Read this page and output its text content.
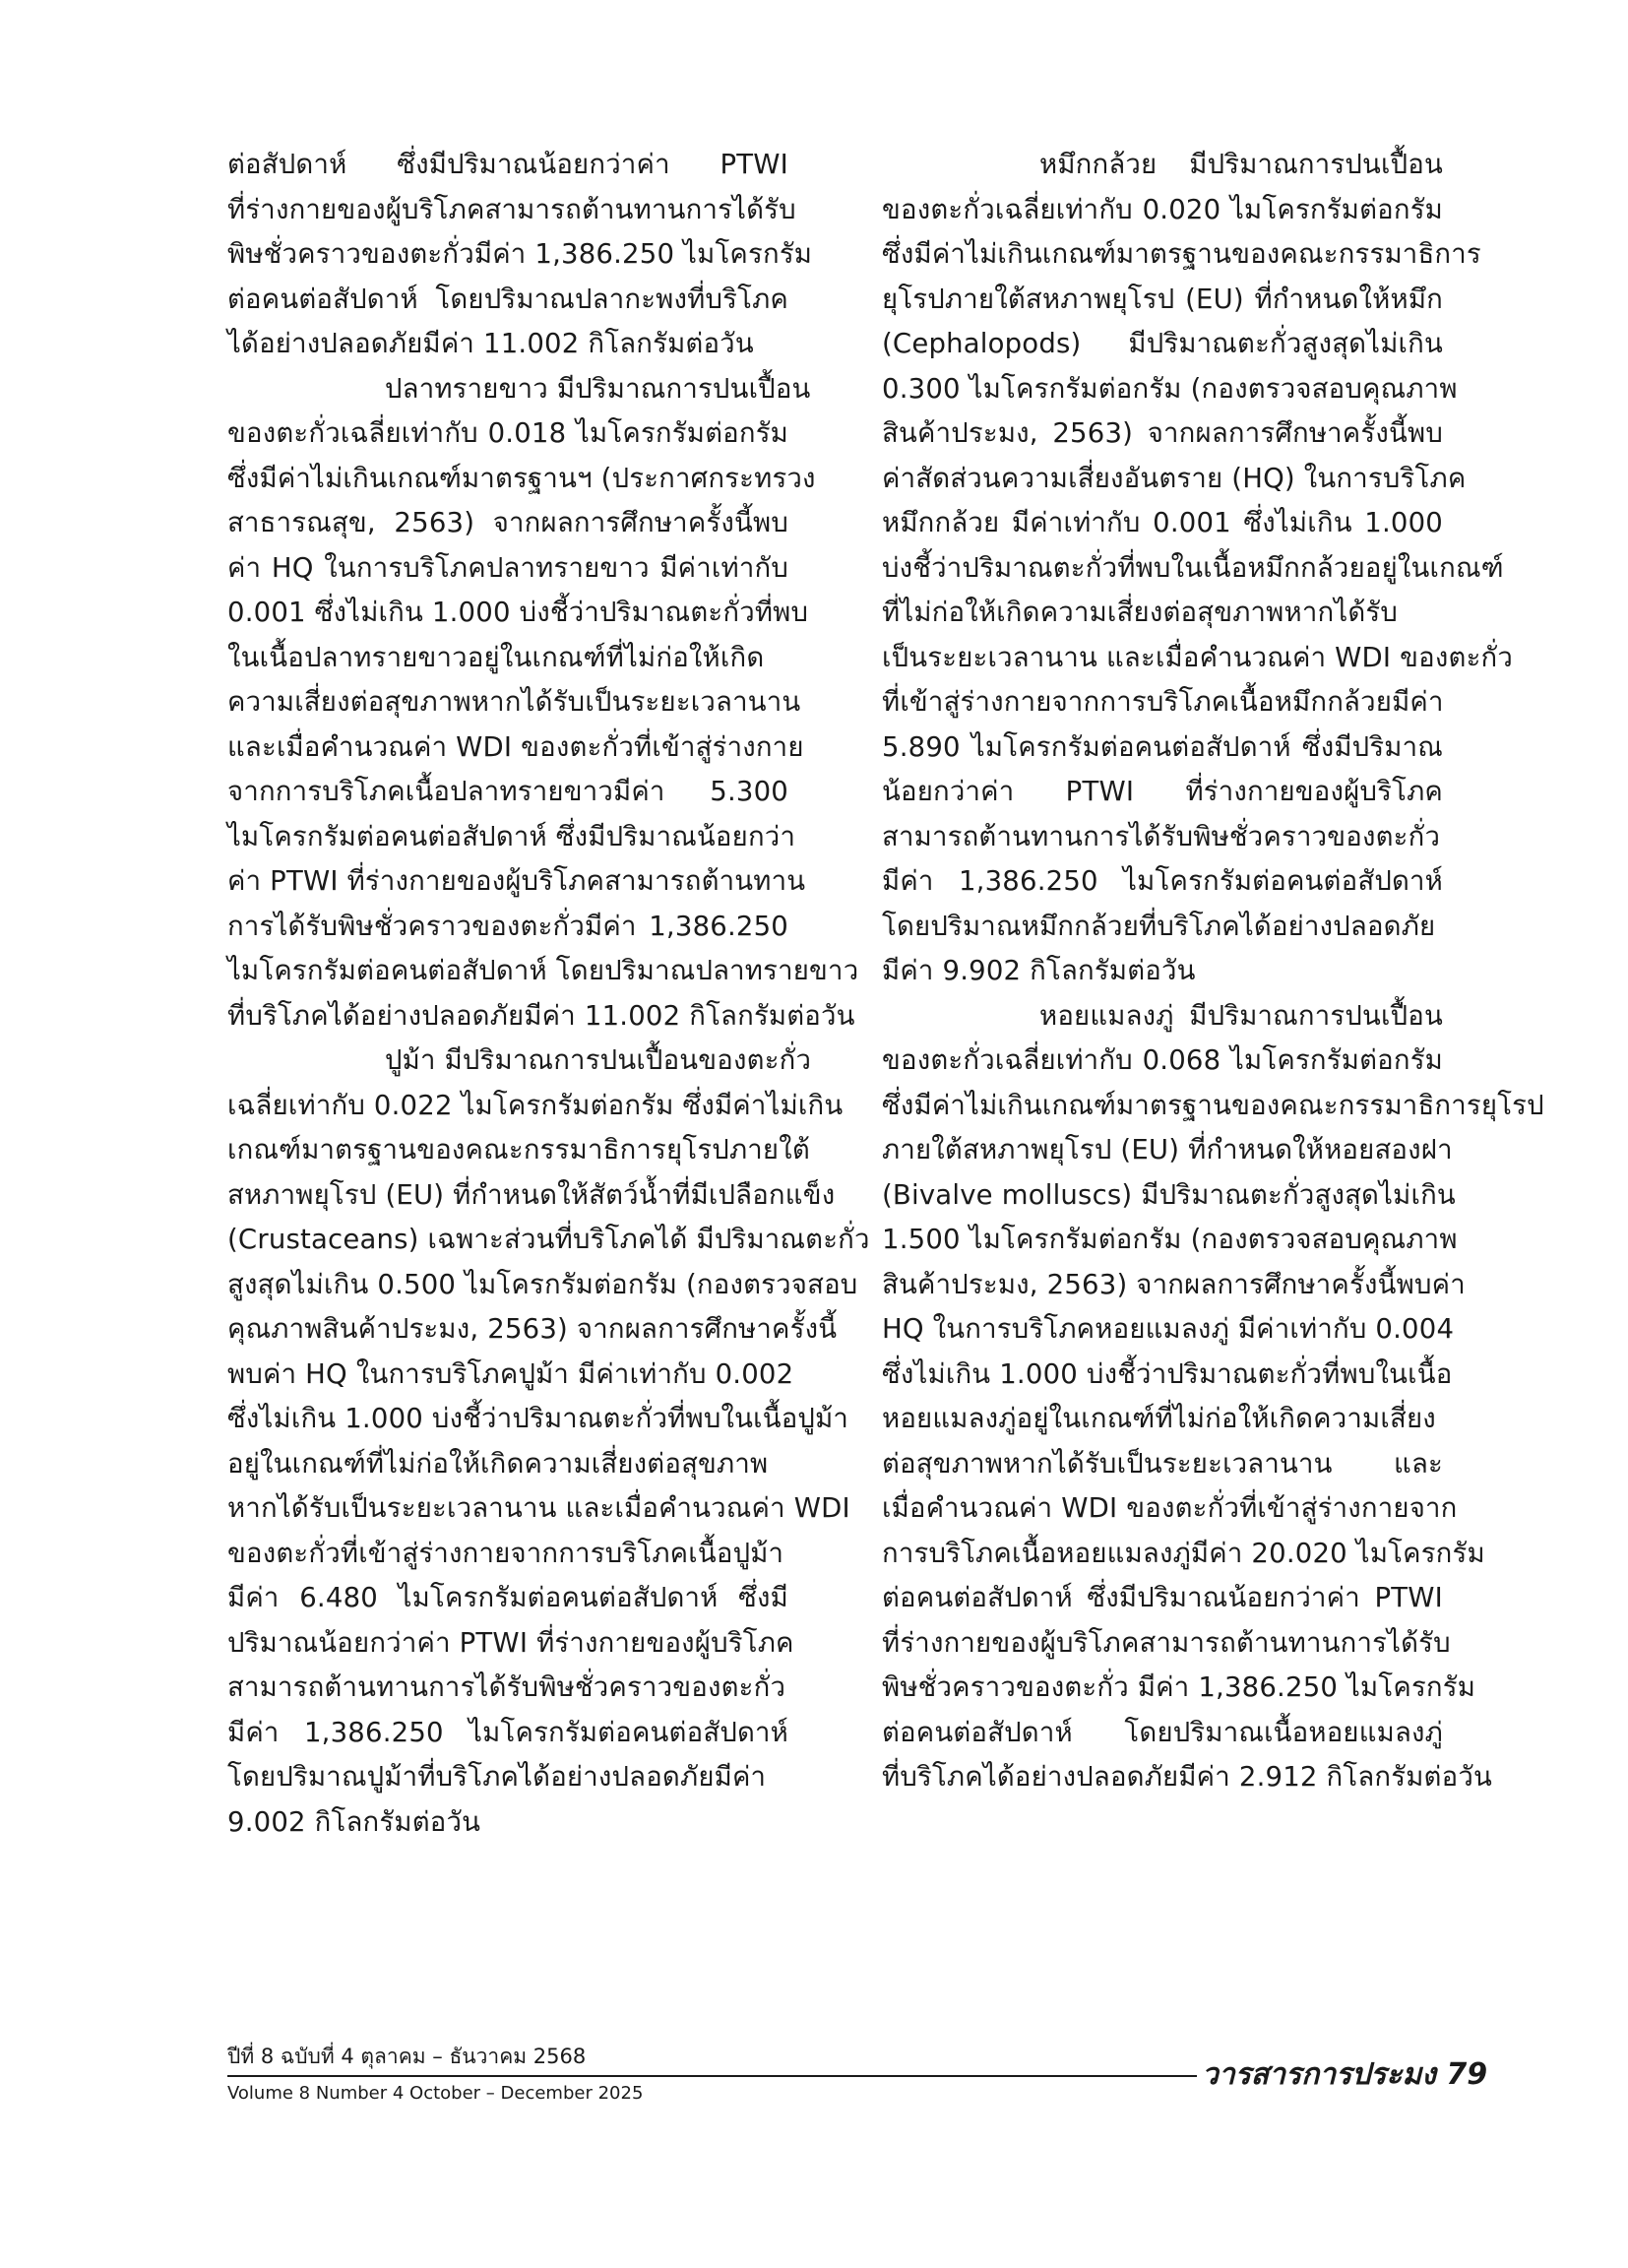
ต่อสัปดาห์ ซึ่งมีปริมาณน้อยกว่าค่า PTWI
ที่ร่างกายของผู้บริโภคสามารถต้านทานการได้รับ
พิษชั่วคราวของตะกั่วมีค่า 1,386.250 ไมโครกรัม
ต่อคนต่อสัปดาห์ โดยปริมาณปลากะพงที่บริโภค
ได้อย่างปลอดภัยมีค่า 11.002 กิโลกรัมต่อวัน
ปลาทรายขาว มีปริมาณการปนเปื้อน
ของตะกั่วเฉลี่ยเท่ากับ 0.018 ไมโครกรัมต่อกรัม
ซึ่งมีค่าไม่เกินเกณฑ์มาตรฐานฯ (ประกาศกระทรวง
สาธารณสุข, 2563) จากผลการศึกษาครั้งนี้พบ
ค่า HQ ในการบริโภคปลาทรายขาว มีค่าเท่ากับ
0.001 ซึ่งไม่เกิน 1.000 บ่งชี้ว่าปริมาณตะกั่วที่พบ
ในเนื้อปลาทรายขาวอยู่ในเกณฑ์ที่ไม่ก่อให้เกิด
ความเสี่ยงต่อสุขภาพหากได้รับเป็นระยะเวลานาน
และเมื่อคำนวณค่า WDI ของตะกั่วที่เข้าสู่ร่างกาย
จากการบริโภคเนื้อปลาทรายขาวมีค่า 5.300
ไมโครกรัมต่อคนต่อสัปดาห์ ซึ่งมีปริมาณน้อยกว่า
ค่า PTWI ที่ร่างกายของผู้บริโภคสามารถต้านทาน
การได้รับพิษชั่วคราวของตะกั่วมีค่า 1,386.250
ไมโครกรัมต่อคนต่อสัปดาห์ โดยปริมาณปลาทรายขาว
ที่บริโภคได้อย่างปลอดภัยมีค่า 11.002 กิโลกรัมต่อวัน
ปูม้า มีปริมาณการปนเปื้อนของตะกั่ว
เฉลี่ยเท่ากับ 0.022 ไมโครกรัมต่อกรัม ซึ่งมีค่าไม่เกิน
เกณฑ์มาตรฐานของคณะกรรมาธิการยุโรปภายใต้
สหภาพยุโรป (EU) ที่กำหนดให้สัตว์น้ำที่มีเปลือกแข็ง
(Crustaceans) เฉพาะส่วนที่บริโภคได้ มีปริมาณตะกั่ว
สูงสุดไม่เกิน 0.500 ไมโครกรัมต่อกรัม (กองตรวจสอบ
คุณภาพสินค้าประมง, 2563) จากผลการศึกษาครั้งนี้
พบค่า HQ ในการบริโภคปูม้า มีค่าเท่ากับ 0.002
ซึ่งไม่เกิน 1.000 บ่งชี้ว่าปริมาณตะกั่วที่พบในเนื้อปูม้า
อยู่ในเกณฑ์ที่ไม่ก่อให้เกิดความเสี่ยงต่อสุขภาพ
หากได้รับเป็นระยะเวลานาน และเมื่อคำนวณค่า WDI
ของตะกั่วที่เข้าสู่ร่างกายจากการบริโภคเนื้อปูม้า
มีค่า 6.480 ไมโครกรัมต่อคนต่อสัปดาห์ ซึ่งมี
ปริมาณน้อยกว่าค่า PTWI ที่ร่างกายของผู้บริโภค
สามารถต้านทานการได้รับพิษชั่วคราวของตะกั่ว
มีค่า 1,386.250 ไมโครกรัมต่อคนต่อสัปดาห์
โดยปริมาณปูม้าที่บริโภคได้อย่างปลอดภัยมีค่า
9.002 กิโลกรัมต่อวัน
หมึกกล้วย มีปริมาณการปนเปื้อน
ของตะกั่วเฉลี่ยเท่ากับ 0.020 ไมโครกรัมต่อกรัม
ซึ่งมีค่าไม่เกินเกณฑ์มาตรฐานของคณะกรรมาธิการ
ยุโรปภายใต้สหภาพยุโรป (EU) ที่กำหนดให้หมึก
(Cephalopods) มีปริมาณตะกั่วสูงสุดไม่เกิน
0.300 ไมโครกรัมต่อกรัม (กองตรวจสอบคุณภาพ
สินค้าประมง, 2563) จากผลการศึกษาครั้งนี้พบ
ค่าสัดส่วนความเสี่ยงอันตราย (HQ) ในการบริโภค
หมึกกล้วย มีค่าเท่ากับ 0.001 ซึ่งไม่เกิน 1.000
บ่งชี้ว่าปริมาณตะกั่วที่พบในเนื้อหมึกกล้วยอยู่ในเกณฑ์
ที่ไม่ก่อให้เกิดความเสี่ยงต่อสุขภาพหากได้รับ
เป็นระยะเวลานาน และเมื่อคำนวณค่า WDI ของตะกั่ว
ที่เข้าสู่ร่างกายจากการบริโภคเนื้อหมึกกล้วยมีค่า
5.890 ไมโครกรัมต่อคนต่อสัปดาห์ ซึ่งมีปริมาณ
น้อยกว่าค่า PTWI ที่ร่างกายของผู้บริโภค
สามารถต้านทานการได้รับพิษชั่วคราวของตะกั่ว
มีค่า 1,386.250 ไมโครกรัมต่อคนต่อสัปดาห์
โดยปริมาณหมึกกล้วยที่บริโภคได้อย่างปลอดภัย
มีค่า 9.902 กิโลกรัมต่อวัน
หอยแมลงภู่ มีปริมาณการปนเปื้อน
ของตะกั่วเฉลี่ยเท่ากับ 0.068 ไมโครกรัมต่อกรัม
ซึ่งมีค่าไม่เกินเกณฑ์มาตรฐานของคณะกรรมาธิการยุโรป
ภายใต้สหภาพยุโรป (EU) ที่กำหนดให้หอยสองฝา
(Bivalve molluscs) มีปริมาณตะกั่วสูงสุดไม่เกิน
1.500 ไมโครกรัมต่อกรัม (กองตรวจสอบคุณภาพ
สินค้าประมง, 2563) จากผลการศึกษาครั้งนี้พบค่า
HQ ในการบริโภคหอยแมลงภู่ มีค่าเท่ากับ 0.004
ซึ่งไม่เกิน 1.000 บ่งชี้ว่าปริมาณตะกั่วที่พบในเนื้อ
หอยแมลงภู่อยู่ในเกณฑ์ที่ไม่ก่อให้เกิดความเสี่ยง
ต่อสุขภาพหากได้รับเป็นระยะเวลานาน และ
เมื่อคำนวณค่า WDI ของตะกั่วที่เข้าสู่ร่างกายจาก
การบริโภคเนื้อหอยแมลงภู่มีค่า 20.020 ไมโครกรัม
ต่อคนต่อสัปดาห์ ซึ่งมีปริมาณน้อยกว่าค่า PTWI
ที่ร่างกายของผู้บริโภคสามารถต้านทานการได้รับ
พิษชั่วคราวของตะกั่ว มีค่า 1,386.250 ไมโครกรัม
ต่อคนต่อสัปดาห์ โดยปริมาณเนื้อหอยแมลงภู่
ที่บริโภคได้อย่างปลอดภัยมีค่า 2.912 กิโลกรัมต่อวัน
ปีที่ 8 ฉบับที่ 4 ตุลาคม – ธันวาคม 2568
Volume 8 Number 4 October – December 2025
วารสารการประมง 79
